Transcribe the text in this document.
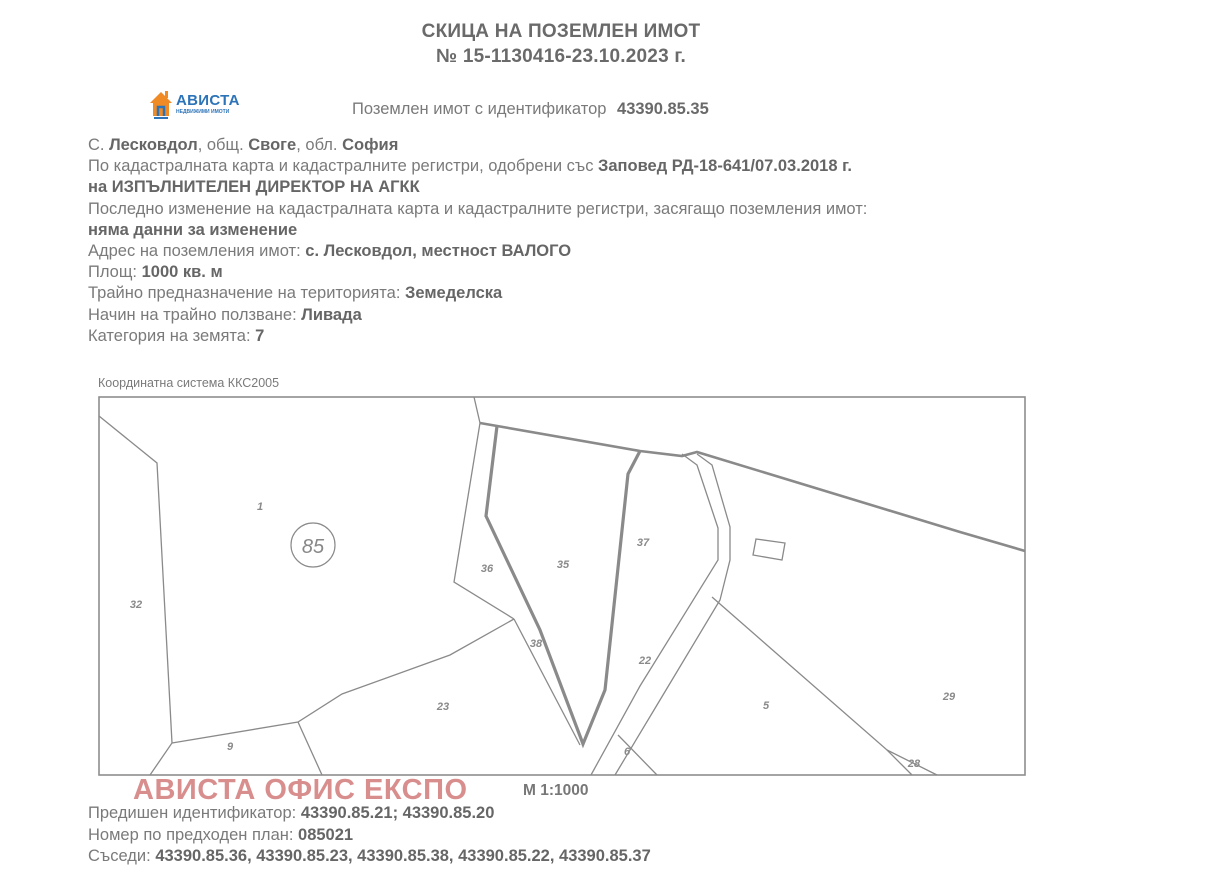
СКИЦА НА ПОЗЕМЛЕН ИМОТ
№ 15-1130416-23.10.2023 г.
АВИСТА
НЕДВИЖИМИ ИМОТИ	Поземлен имот с идентификатор 43390.85.35
С. Лесковдол, общ. Своге, обл. София
По кадастралната карта и кадастралните регистри, одобрени със Заповед РД-18-641/07.03.2018 г.
на ИЗПЪЛНИТЕЛЕН ДИРЕКТОР НА АГКК
Последно изменение на кадастралната карта и кадастралните регистри, засягащо поземления имот:
няма данни за изменение
Адрес на поземления имот: с. Лесковдол, местност ВАЛОГО
Площ: 1000 кв. м
Трайно предназначение на територията: Земеделска
Начин на трайно ползване: Ливада
Категория на земята: 7
Координатна система ККС2005
85
1
32
36	35
37
38
22
23
9	6
5
29
28
АВИСТА ОФИС ЕКСПО	М 1:1000
Предишен идентификатор: 43390.85.21; 43390.85.20
Номер по предходен план: 085021
Съседи: 43390.85.36, 43390.85.23, 43390.85.38, 43390.85.22, 43390.85.37
